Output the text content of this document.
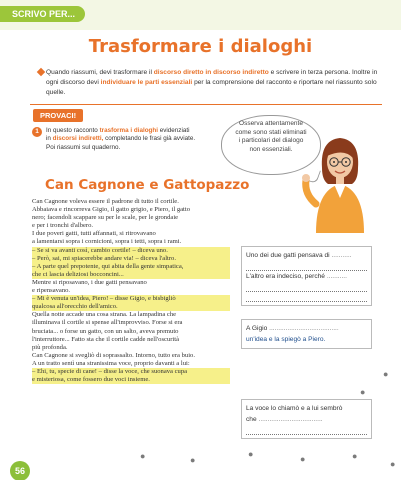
SCRIVO PER...
Trasformare i dialoghi
Quando riassumi, devi trasformare il discorso diretto in discorso indiretto e scrivere in terza persona. Inoltre in ogni discorso devi individuare le parti essenziali per la comprensione del racconto e riportare nel riassunto solo quelle.
PROVACI!
1	In questo racconto trasforma i dialoghi evidenziati in discorsi indiretti, completando le frasi già avviate. Poi riassumi sul quaderno.
Osserva attentamente
come sono stati eliminati
i particolari del dialogo
non essenziali.
Can Cagnone e Gattopazzo
Can Cagnone voleva essere il padrone di tutto il cortile.
Abbaiava e rincorreva Gigio, il gatto grigio, e Piero, il gatto
nero; facendoli scappare su per le scale, per le grondaie
e per i tronchi d'albero.
I due poveri gatti, tutti affannati, si ritrovavano
a lamentarsi sopra i cornicioni, sopra i tetti, sopra i rami.
– Se si va avanti così, cambio cortile! – diceva uno.
– Però, sai, mi spiacerebbe andare via! – diceva l'altro.
– A parte quel prepotente, qui abita della gente simpatica,
che ci lascia deliziosi bocconcini...
Mentre si riposavano, i due gatti pensavano
e ripensavano.
– Mi è venuta un'idea, Piero! – disse Gigio, e bisbigliò
qualcosa all'orecchio dell'amico.
Quella notte accade una cosa strana. La lampadina che
illuminava il cortile si spense all'improvviso. Forse si era
bruciata... o forse un gatto, con un salto, aveva premuto
l'interruttore... Fatto sta che il cortile cadde nell'oscurità
più profonda.
Can Cagnone si svegliò di soprassalto. Intorno, tutto era buio.
A un tratto sentì una stranissima voce, proprio davanti a lui:
– Ehi, tu, specie di cane! – disse la voce, che suonava cupa
e misteriosa, come fossero due voci insieme.
Uno dei due gatti pensava di ...........
L'altro era indeciso, perché ...........
A Gigio ......................................
un'idea e la spiegò a Piero.
La voce lo chiamò e a lui sembrò
che ...................................
●
●
●	●
●	●	●
●
56
